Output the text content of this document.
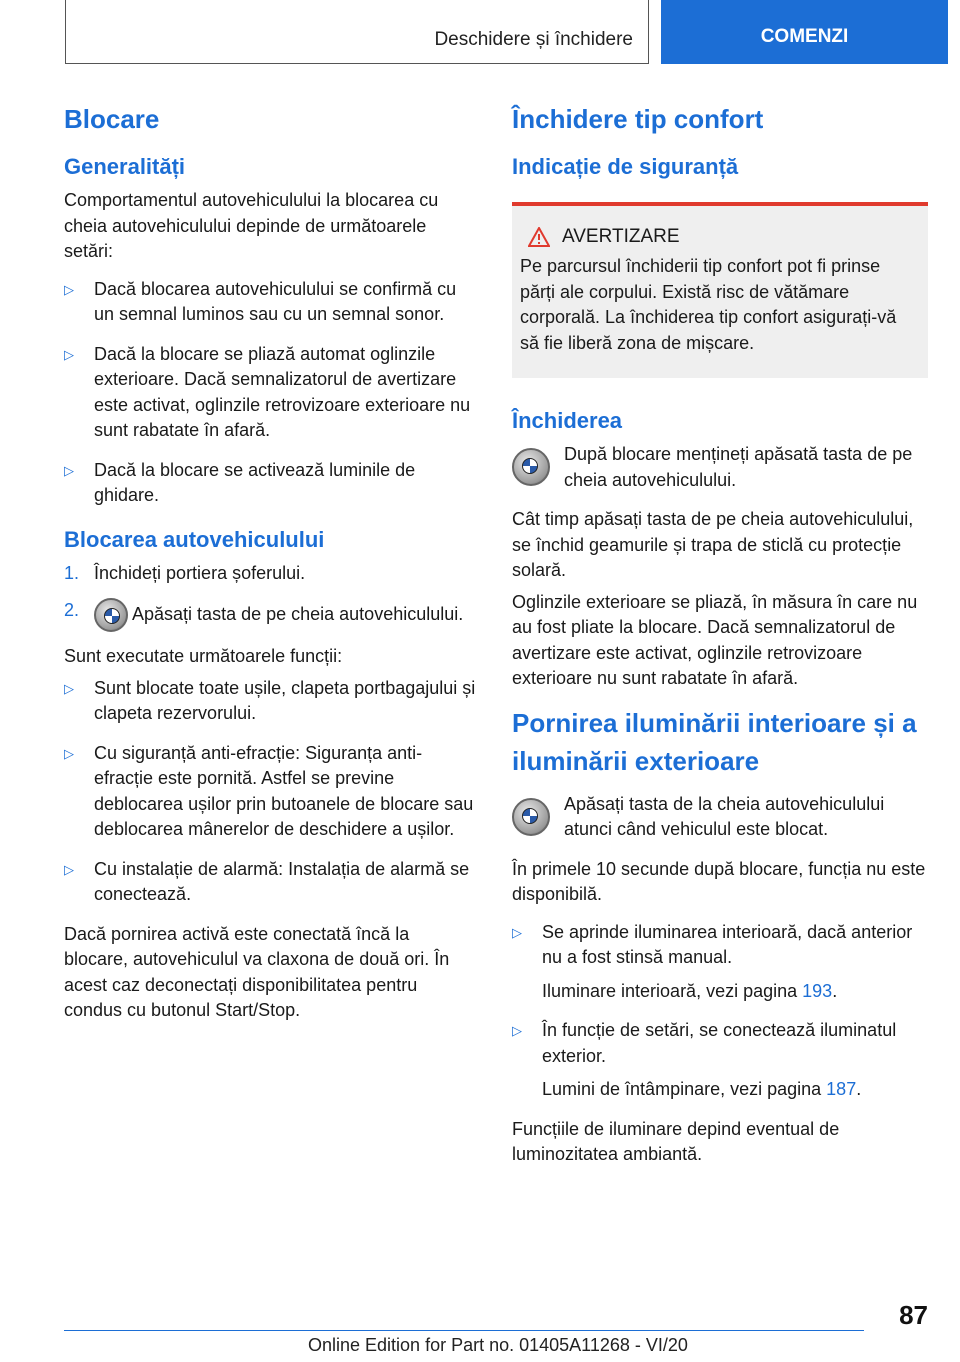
Deschidere și închidere	COMENZI
Blocare
Generalități

Comportamentul autovehiculului la blocarea cu cheia autovehiculului depinde de următoarele setări:

▷ Dacă blocarea autovehiculului se confirmă cu un semnal luminos sau cu un semnal sonor.
▷ Dacă la blocare se pliază automat oglinzile exterioare. Dacă semnalizatorul de avertizare este activat, oglinzile retrovizoare exterioare nu sunt rabatate în afară.
▷ Dacă la blocare se activează luminile de ghidare.
Blocarea autovehiculului
1. Închideți portiera șoferului.
2.	Apăsați tasta de pe cheia autovehiculului.

Sunt executate următoarele funcții:

▷ Sunt blocate toate ușile, clapeta portbagajului și clapeta rezervorului.
▷ Cu siguranță anti-efracție: Siguranța anti-efracție este pornită. Astfel se previne deblocarea ușilor prin butoanele de blocare sau deblocarea mânerelor de deschidere a ușilor.
▷ Cu instalație de alarmă: Instalația de alarmă se conectează.

Dacă pornirea activă este conectată încă la blocare, autovehiculul va claxona de două ori. În acest caz deconectați disponibilitatea pentru condus cu butonul Start/Stop.

Închidere tip confort
Indicație de siguranță
AVERTIZARE

Pe parcursul închiderii tip confort pot fi prinse părți ale corpului. Există risc de vătămare corporală. La închiderea tip confort asigurați-vă să fie liberă zona de mișcare.

Închiderea

După blocare mențineți apăsată tasta de pe cheia autovehiculului.

Cât timp apăsați tasta de pe cheia autovehiculului, se închid geamurile și trapa de sticlă cu protecție solară.

Oglinzile exterioare se pliază, în măsura în care nu au fost pliate la blocare. Dacă semnalizatorul de avertizare este activat, oglinzile retrovizoare exterioare nu sunt rabatate în afară.

Pornirea iluminării interioare și a iluminării exterioare

Apăsați tasta de la cheia autovehiculului atunci când vehiculul este blocat.

În primele 10 secunde după blocare, funcția nu este disponibilă.

▷ Se aprinde iluminarea interioară, dacă anterior nu a fost stinsă manual.
Iluminare interioară, vezi pagina 193.
▷ În funcție de setări, se conectează iluminatul exterior.
Lumini de întâmpinare, vezi pagina 187.

Funcțiile de iluminare depind eventual de luminozitatea ambiantă.

87
Online Edition for Part no. 01405A11268 - VI/20
